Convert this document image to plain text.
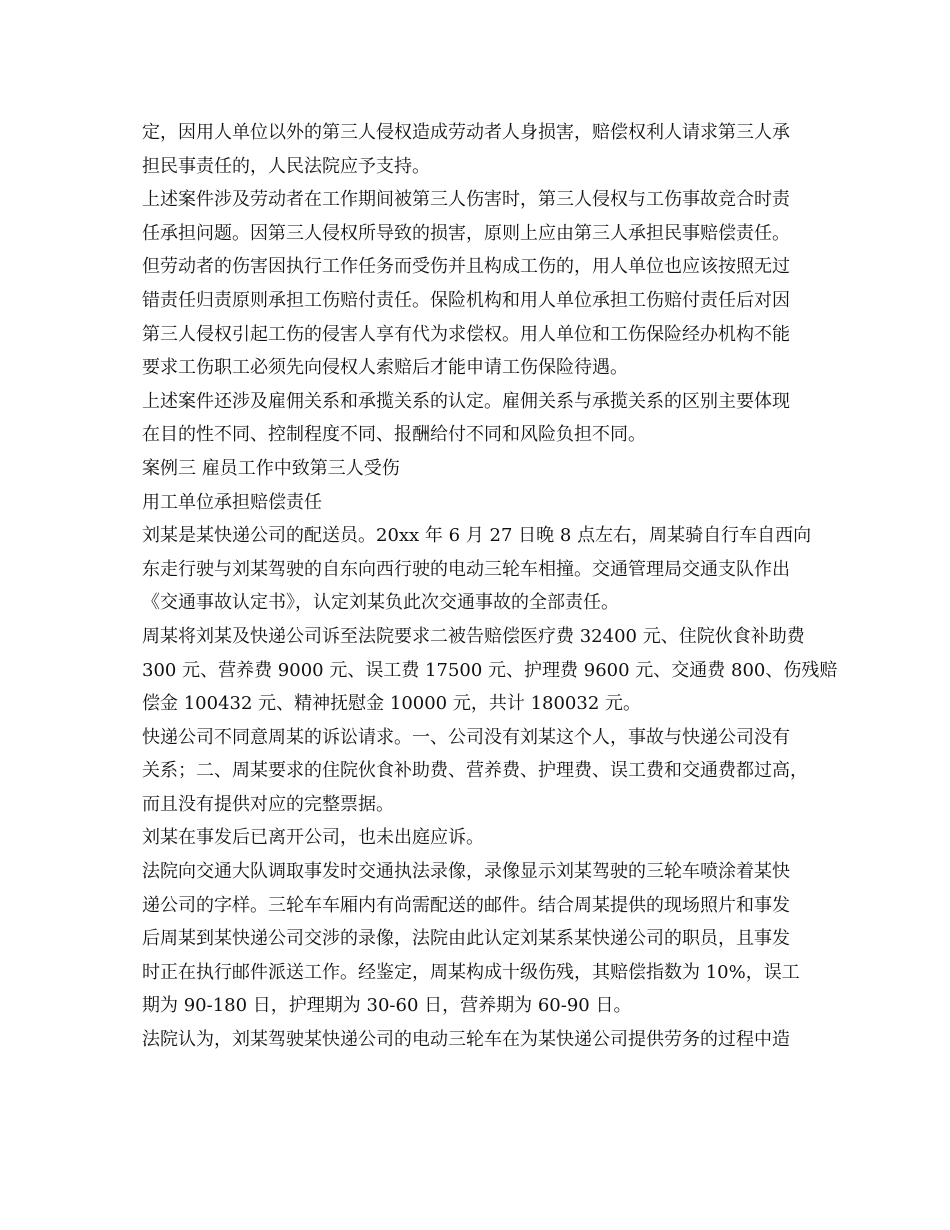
定，因用人单位以外的第三人侵权造成劳动者人身损害，赔偿权利人请求第三人承
担民事责任的，人民法院应予支持。
上述案件涉及劳动者在工作期间被第三人伤害时，第三人侵权与工伤事故竞合时责
任承担问题。因第三人侵权所导致的损害，原则上应由第三人承担民事赔偿责任。
但劳动者的伤害因执行工作任务而受伤并且构成工伤的，用人单位也应该按照无过
错责任归责原则承担工伤赔付责任。保险机构和用人单位承担工伤赔付责任后对因
第三人侵权引起工伤的侵害人享有代为求偿权。用人单位和工伤保险经办机构不能
要求工伤职工必须先向侵权人索赔后才能申请工伤保险待遇。
上述案件还涉及雇佣关系和承揽关系的认定。雇佣关系与承揽关系的区别主要体现
在目的性不同、控制程度不同、报酬给付不同和风险负担不同。
案例三 雇员工作中致第三人受伤
用工单位承担赔偿责任
刘某是某快递公司的配送员。20xx 年 6 月 27 日晚 8 点左右，周某骑自行车自西向
东走行驶与刘某驾驶的自东向西行驶的电动三轮车相撞。交通管理局交通支队作出
《交通事故认定书》，认定刘某负此次交通事故的全部责任。
周某将刘某及快递公司诉至法院要求二被告赔偿医疗费 32400 元、住院伙食补助费
300 元、营养费 9000 元、误工费 17500 元、护理费 9600 元、交通费 800、伤残赔
偿金 100432 元、精神抚慰金 10000 元，共计 180032 元。
快递公司不同意周某的诉讼请求。一、公司没有刘某这个人，事故与快递公司没有
关系；二、周某要求的住院伙食补助费、营养费、护理费、误工费和交通费都过高，
而且没有提供对应的完整票据。
刘某在事发后已离开公司，也未出庭应诉。
法院向交通大队调取事发时交通执法录像，录像显示刘某驾驶的三轮车喷涂着某快
递公司的字样。三轮车车厢内有尚需配送的邮件。结合周某提供的现场照片和事发
后周某到某快递公司交涉的录像，法院由此认定刘某系某快递公司的职员，且事发
时正在执行邮件派送工作。经鉴定，周某构成十级伤残，其赔偿指数为 10%，误工
期为 90-180 日，护理期为 30-60 日，营养期为 60-90 日。
法院认为，刘某驾驶某快递公司的电动三轮车在为某快递公司提供劳务的过程中造
